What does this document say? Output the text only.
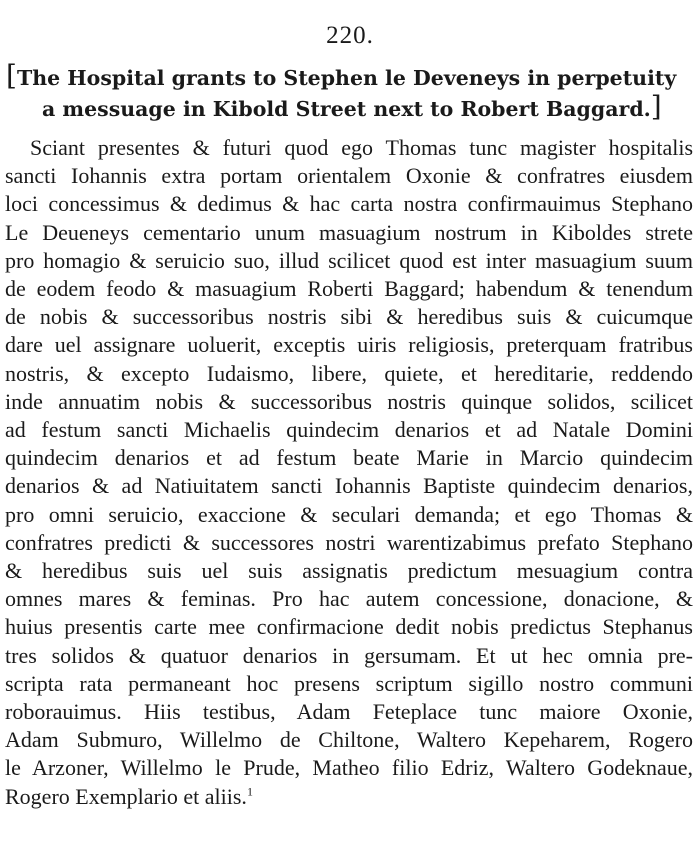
220.
[The Hospital grants to Stephen le Deveneys in perpetuity
a messuage in Kibold Street next to Robert Baggard.]
Sciant presentes & futuri quod ego Thomas tunc magister hospitalis
sancti Iohannis extra portam orientalem Oxonie & confratres eiusdem
loci concessimus & dedimus & hac carta nostra confirmauimus Stephano
Le Deueneys cementario unum masuagium nostrum in Kiboldes strete
pro homagio & seruicio suo, illud scilicet quod est inter masuagium suum
de eodem feodo & masuagium Roberti Baggard; habendum & tenendum
de nobis & successoribus nostris sibi & heredibus suis & cuicumque
dare uel assignare uoluerit, exceptis uiris religiosis, preterquam fratribus
nostris, & excepto Iudaismo, libere, quiete, et hereditarie, reddendo
inde annuatim nobis & successoribus nostris quinque solidos, scilicet
ad festum sancti Michaelis quindecim denarios et ad Natale Domini
quindecim denarios et ad festum beate Marie in Marcio quindecim
denarios & ad Natiuitatem sancti Iohannis Baptiste quindecim denarios,
pro omni seruicio, exaccione & seculari demanda; et ego Thomas &
confratres predicti & successores nostri warentizabimus prefato Stephano
& heredibus suis uel suis assignatis predictum mesuagium contra
omnes mares & feminas. Pro hac autem concessione, donacione, &
huius presentis carte mee confirmacione dedit nobis predictus Stephanus
tres solidos & quatuor denarios in gersumam. Et ut hec omnia pre-
scripta rata permaneant hoc presens scriptum sigillo nostro communi
roborauimus. Hiis testibus, Adam Feteplace tunc maiore Oxonie,
Adam Submuro, Willelmo de Chiltone, Waltero Kepeharem, Rogero
le Arzoner, Willelmo le Prude, Matheo filio Edriz, Waltero Godeknaue,
Rogero Exemplario et aliis.$^1$
